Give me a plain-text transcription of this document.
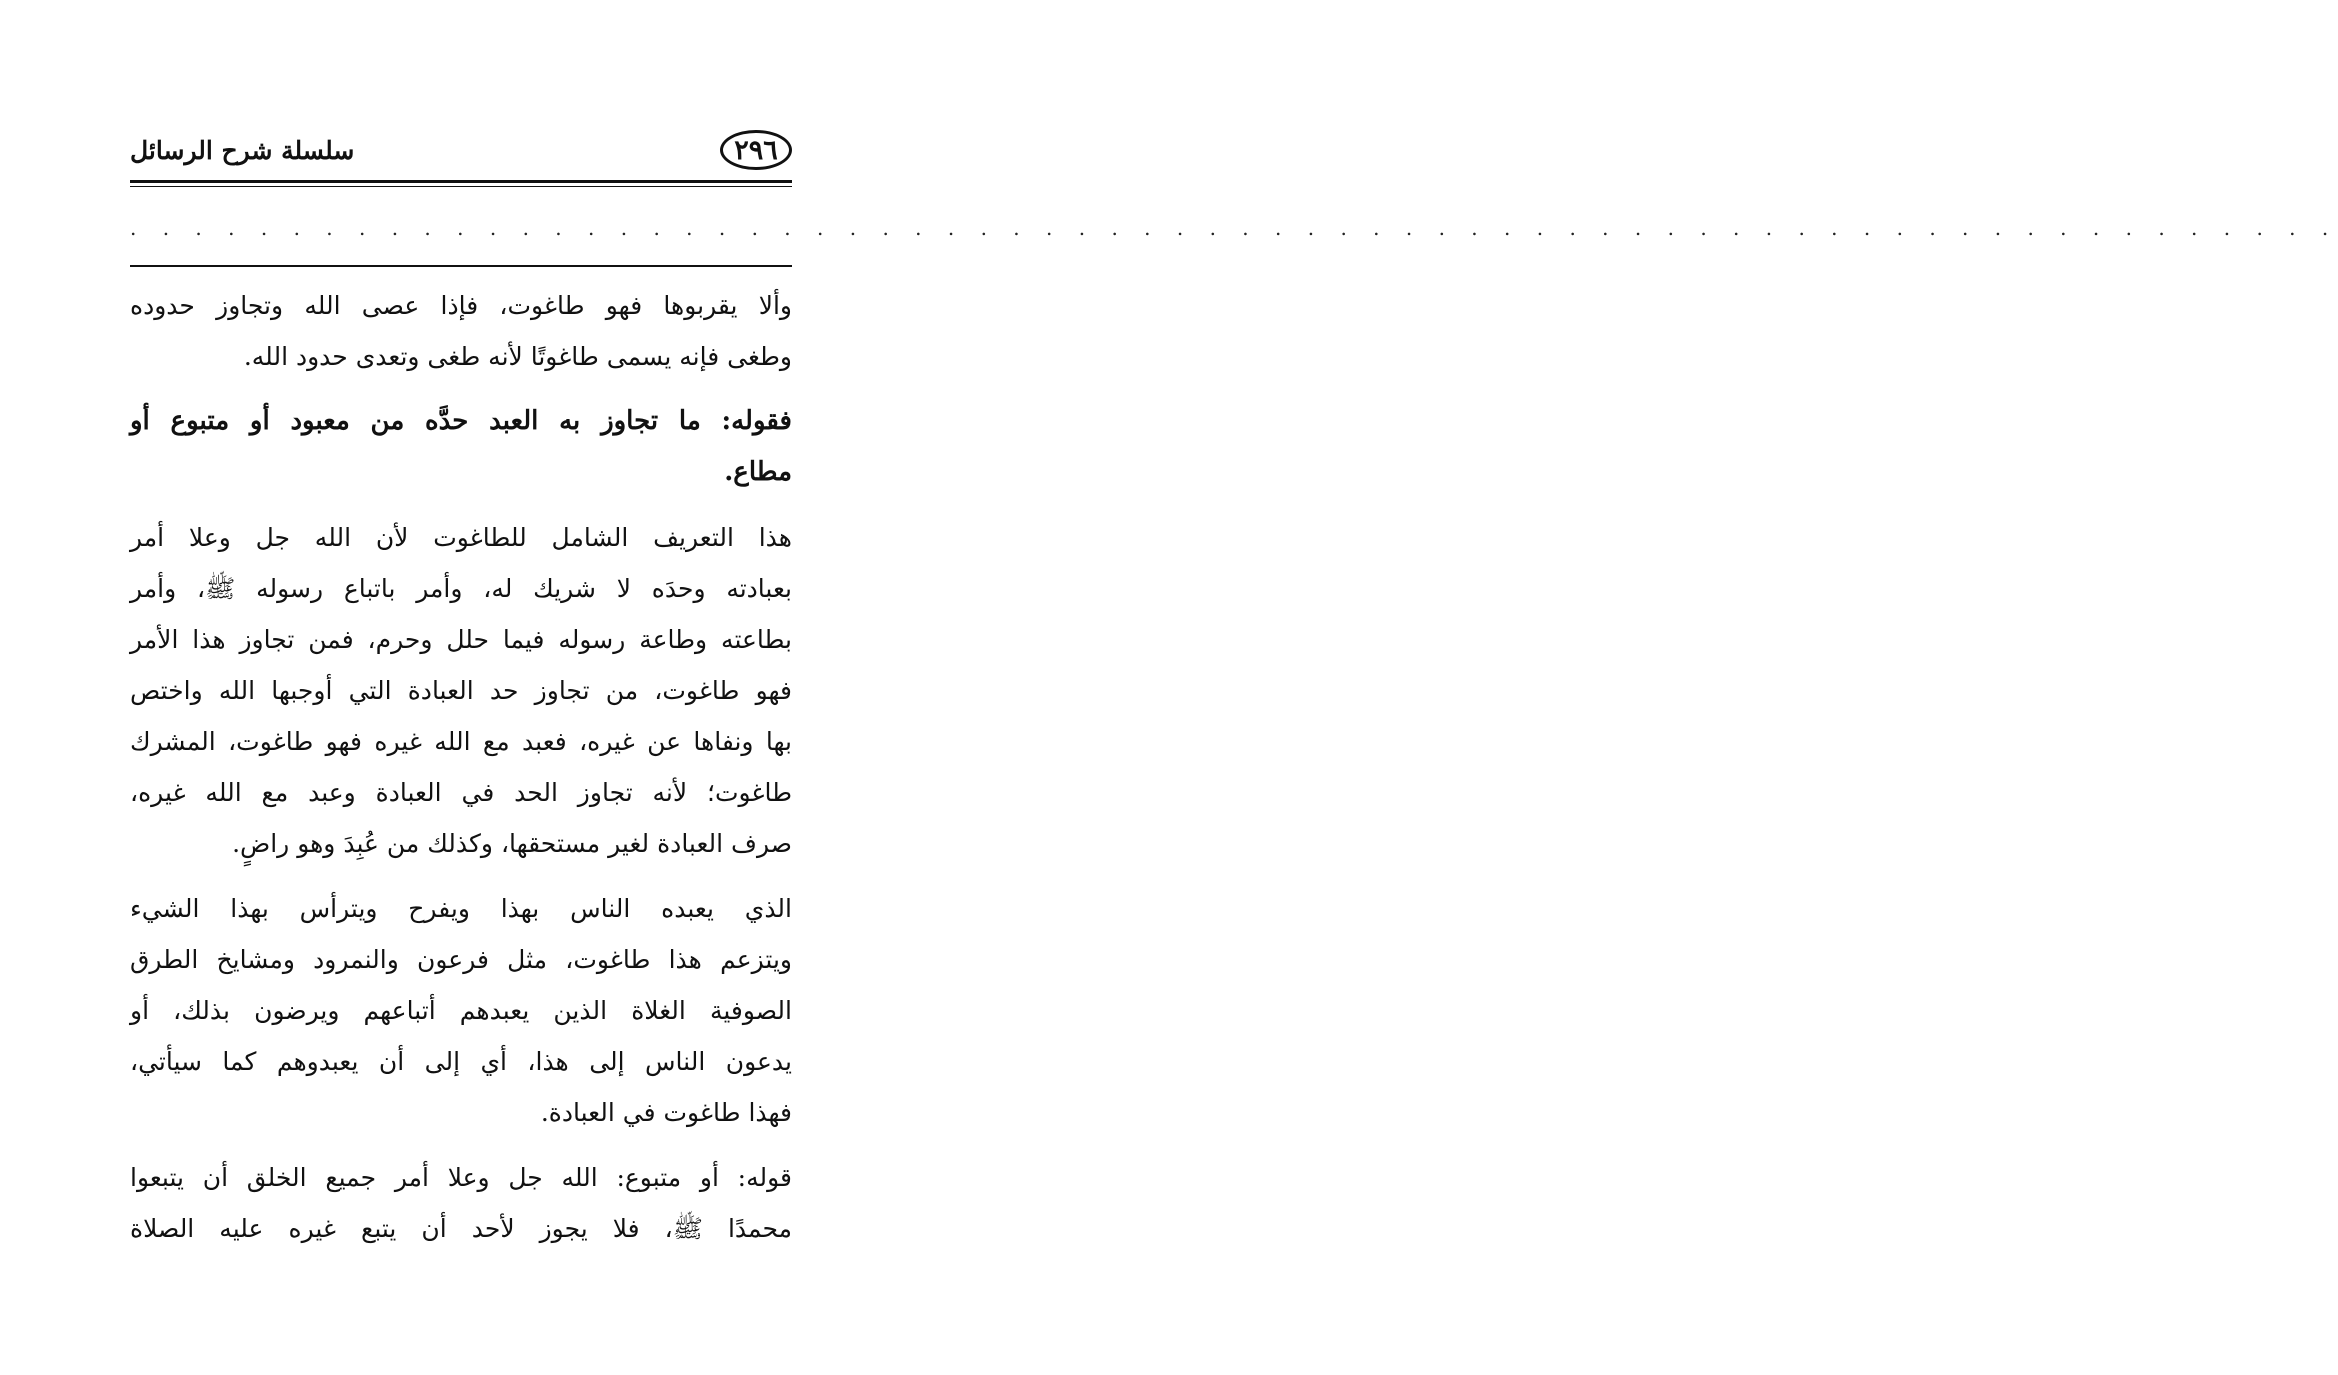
سلسلة شرح الرسائل	٢٩٦
. . . . . . . . . . . . . . . . . . . . . . . . . . . . . . . . . . . . . . . . . . . . . . . . . . . . . . . . . . . . . . . . . . . .
وألا يقربوها فهو طاغوت، فإذا عصى الله وتجاوز حدوده
وطغى فإنه يسمى طاغوتًا لأنه طغى وتعدى حدود الله.
فقوله: ما تجاوز به العبد حدَّه من معبود أو متبوع أو
مطاع.
هذا التعريف الشامل للطاغوت لأن الله جل وعلا أمر
بعبادته وحدَه لا شريك له، وأمر باتباع رسوله ﷺ، وأمر
بطاعته وطاعة رسوله فيما حلل وحرم، فمن تجاوز هذا الأمر
فهو طاغوت، من تجاوز حد العبادة التي أوجبها الله واختص
بها ونفاها عن غيره، فعبد مع الله غيره فهو طاغوت، المشرك
طاغوت؛ لأنه تجاوز الحد في العبادة وعبد مع الله غيره،
صرف العبادة لغير مستحقها، وكذلك من عُبِدَ وهو راضٍ.
الذي يعبده الناس بهذا ويفرح ويترأس بهذا الشيء
ويتزعم هذا طاغوت، مثل فرعون والنمرود ومشايخ الطرق
الصوفية الغلاة الذين يعبدهم أتباعهم ويرضون بذلك، أو
يدعون الناس إلى هذا، أي إلى أن يعبدوهم كما سيأتي،
فهذا طاغوت في العبادة.
قوله: أو متبوع: الله جل وعلا أمر جميع الخلق أن يتبعوا
محمدًا ﷺ، فلا يجوز لأحد أن يتبع غيره عليه الصلاة
